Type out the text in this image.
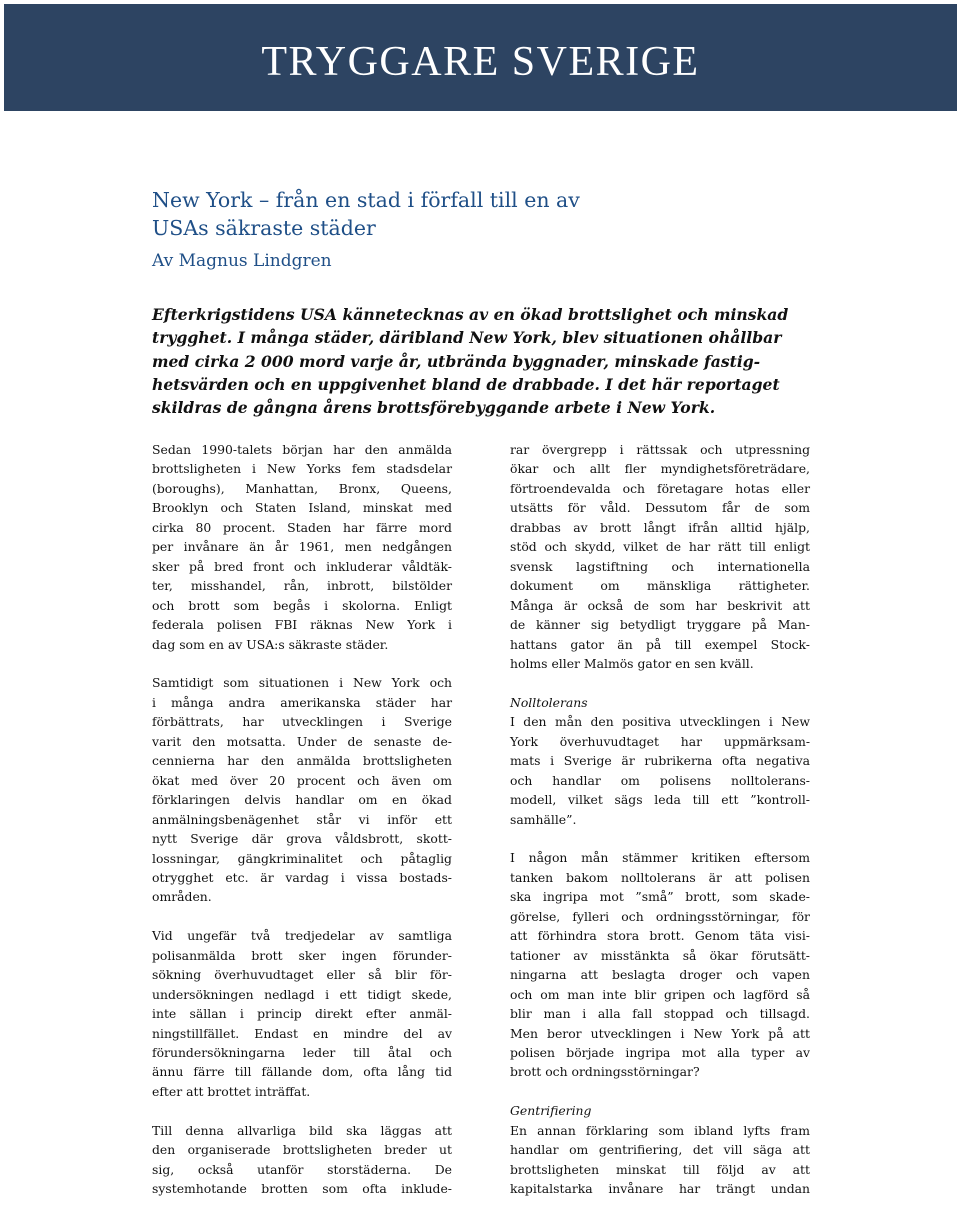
TRYGGARE SVERIGE
New York – från en stad i förfall till en av
USAs säkraste städer

Av Magnus Lindgren

Efterkrigstidens USA kännetecknas av en ökad brottslighet och minskad
trygghet. I många städer, däribland New York, blev situationen ohållbar
med cirka 2 000 mord varje år, utbrända byggnader, minskade fastig-
hetsvärden och en uppgivenhet bland de drabbade. I det här reportaget
skildras de gångna årens brottsförebyggande arbete i New York.

Sedan 1990-talets början har den anmälda
brottsligheten i New Yorks fem stadsdelar
(boroughs), Manhattan, Bronx, Queens,
Brooklyn och Staten Island, minskat med
cirka 80 procent. Staden har färre mord
per invånare än år 1961, men nedgången
sker på bred front och inkluderar våldtäk-
ter, misshandel, rån, inbrott, bilstölder
och brott som begås i skolorna. Enligt
federala polisen FBI räknas New York i
dag som en av USA:s säkraste städer.
Samtidigt som situationen i New York och
i många andra amerikanska städer har
förbättrats, har utvecklingen i Sverige
varit den motsatta. Under de senaste de-
cennierna har den anmälda brottsligheten
ökat med över 20 procent och även om
förklaringen delvis handlar om en ökad
anmälningsbenägenhet står vi inför ett
nytt Sverige där grova våldsbrott, skott-
lossningar, gängkriminalitet och påtaglig
otrygghet etc. är vardag i vissa bostads-
områden.
Vid ungefär två tredjedelar av samtliga
polisanmälda brott sker ingen förunder-
sökning överhuvudtaget eller så blir för-
undersökningen nedlagd i ett tidigt skede,
inte sällan i princip direkt efter anmäl-
ningstillfället. Endast en mindre del av
förundersökningarna leder till åtal och
ännu färre till fällande dom, ofta lång tid
efter att brottet inträffat.
Till denna allvarliga bild ska läggas att
den organiserade brottsligheten breder ut
sig, också utanför storstäderna. De
systemhotande brotten som ofta inklude-
rar övergrepp i rättssak och utpressning
ökar och allt fler myndighetsföreträdare,
förtroendevalda och företagare hotas eller
utsätts för våld. Dessutom får de som
drabbas av brott långt ifrån alltid hjälp,
stöd och skydd, vilket de har rätt till enligt
svensk lagstiftning och internationella
dokument om mänskliga rättigheter.
Många är också de som har beskrivit att
de känner sig betydligt tryggare på Man-
hattans gator än på till exempel Stock-
holms eller Malmös gator en sen kväll.
Nolltolerans
I den mån den positiva utvecklingen i New
York överhuvudtaget har uppmärksam-
mats i Sverige är rubrikerna ofta negativa
och handlar om polisens nolltolerans-
modell, vilket sägs leda till ett ”kontroll-
samhälle”.
I någon mån stämmer kritiken eftersom
tanken bakom nolltolerans är att polisen
ska ingripa mot ”små” brott, som skade-
görelse, fylleri och ordningsstörningar, för
att förhindra stora brott. Genom täta visi-
tationer av misstänkta så ökar förutsätt-
ningarna att beslagta droger och vapen
och om man inte blir gripen och lagförd så
blir man i alla fall stoppad och tillsagd.
Men beror utvecklingen i New York på att
polisen började ingripa mot alla typer av
brott och ordningsstörningar?
Gentrifiering
En annan förklaring som ibland lyfts fram
handlar om gentrifiering, det vill säga att
brottsligheten minskat till följd av att
kapitalstarka invånare har trängt undan
